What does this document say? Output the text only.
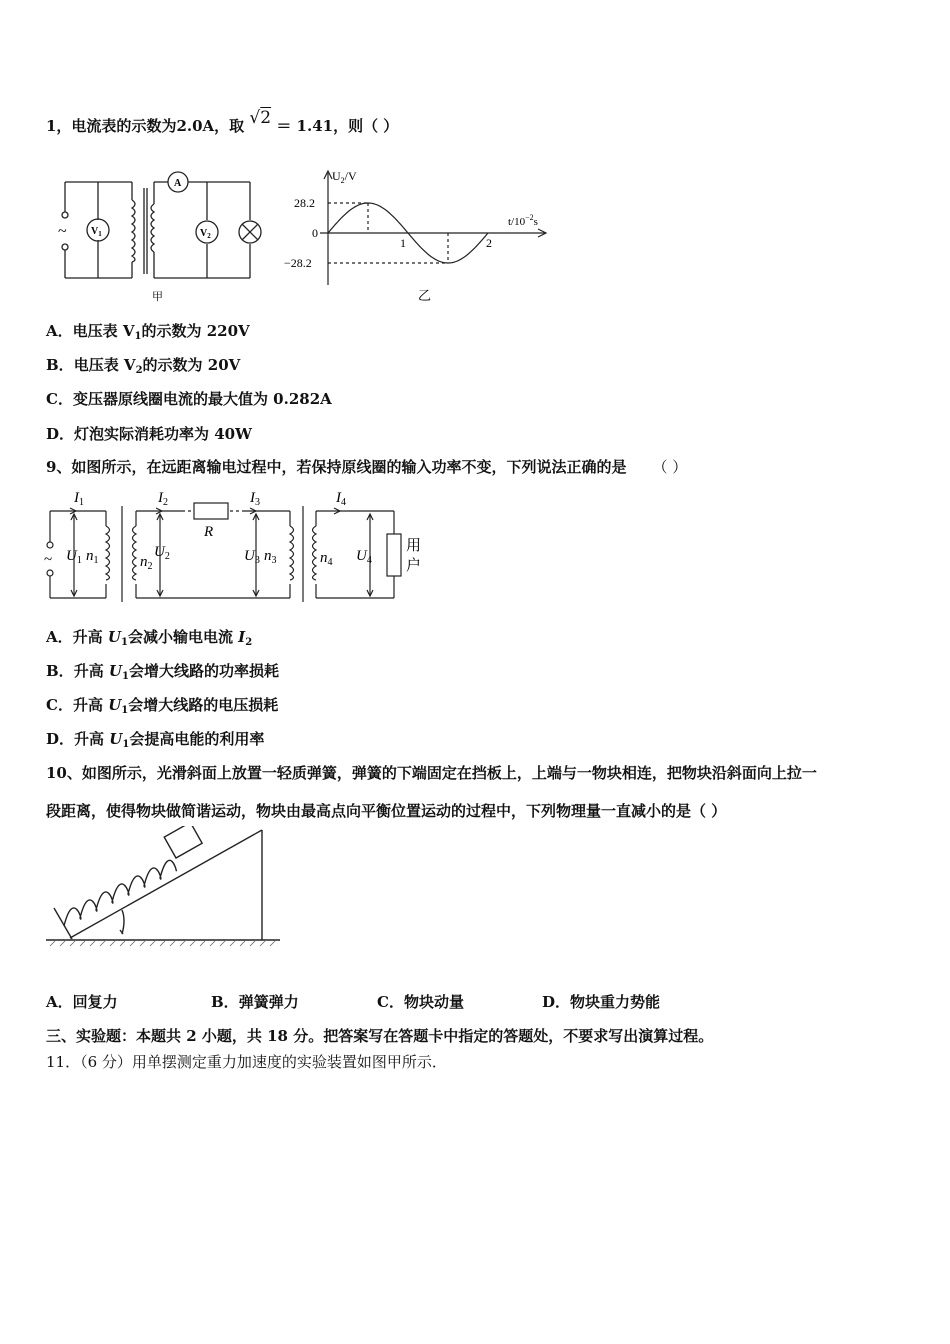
1，电流表的示数为2.0A，取 √2 ＝ 1.41，则（ ）
~
A
$V_1$	$V_2$
甲
$U_2/V$
$t/10^{-2}s$
28.2
0
−28.2
1	2
乙
A．电压表 $V_1$的示数为 220V
B．电压表 $V_2$的示数为 20V
C．变压器原线圈电流的最大值为 0.282A
D．灯泡实际消耗功率为 40W
9、如图所示，在远距离输电过程中，若保持原线圈的输入功率不变，下列说法正确的是 （ ）
$I_1$	$I_2$	$I_3$	$I_4$
R
$U_1$ $n_1$	$n_2$
$U_2$	$U_3$ $n_3$	$n_4$ $U_4$
~
用
户
A．升高 $U_1$会减小输电电流 $I_2$
B．升高 $U_1$会增大线路的功率损耗
C．升高 $U_1$会增大线路的电压损耗
D．升高 $U_1$会提高电能的利用率
10、如图所示，光滑斜面上放置一轻质弹簧，弹簧的下端固定在挡板上，上端与一物块相连，把物块沿斜面向上拉一
段距离，使得物块做简谐运动，物块由最高点向平衡位置运动的过程中，下列物理量一直减小的是（ ）
A．回复力	B．弹簧弹力	C．物块动量	D．物块重力势能
三、实验题：本题共 2 小题，共 18 分。把答案写在答题卡中指定的答题处，不要求写出演算过程。
11．（6 分）用单摆测定重力加速度的实验装置如图甲所示．
